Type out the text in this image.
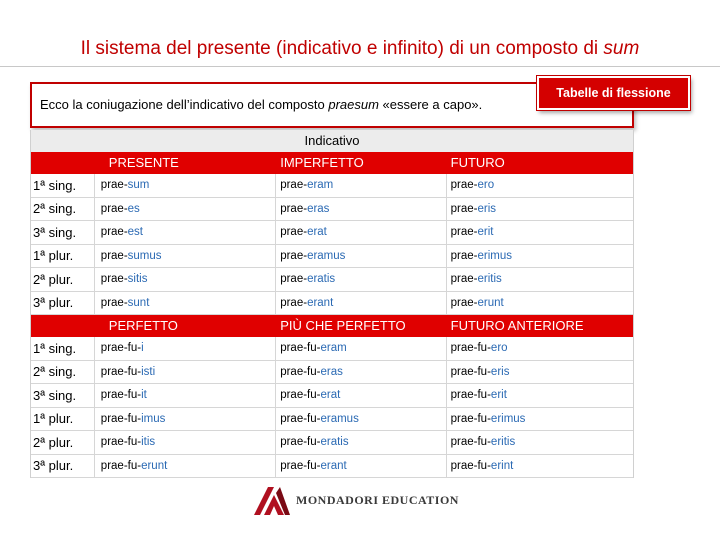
Il sistema del presente (indicativo e infinito) di un composto di sum
Ecco la coniugazione dell’indicativo del composto praesum «essere a capo».
Tabelle di flessione
Indicativo
PRESENTE	IMPERFETTO	FUTURO
1ª sing.	prae- sum	prae- eram	prae- ero
2ª sing.	prae- es	prae- eras	prae- eris
3ª sing.	prae- est	prae- erat	prae- erit
1ª plur.	prae- sumus	prae- eramus	prae- erimus
2ª plur.	prae- sitis	prae- eratis	prae- eritis
3ª plur.	prae- sunt	prae- erant	prae- erunt
PERFETTO	PIÙ CHE PERFETTO	FUTURO ANTERIORE
1ª sing.	prae-fu- i	prae-fu- eram	prae-fu- ero
2ª sing.	prae-fu- isti	prae-fu- eras	prae-fu- eris
3ª sing.	prae-fu- it	prae-fu- erat	prae-fu- erit
1ª plur.	prae-fu- imus	prae-fu- eramus	prae-fu- erimus
2ª plur.	prae-fu- itis	prae-fu- eratis	prae-fu- eritis
3ª plur.	prae-fu- erunt	prae-fu- erant	prae-fu- erint
MONDADORI EDUCATION
